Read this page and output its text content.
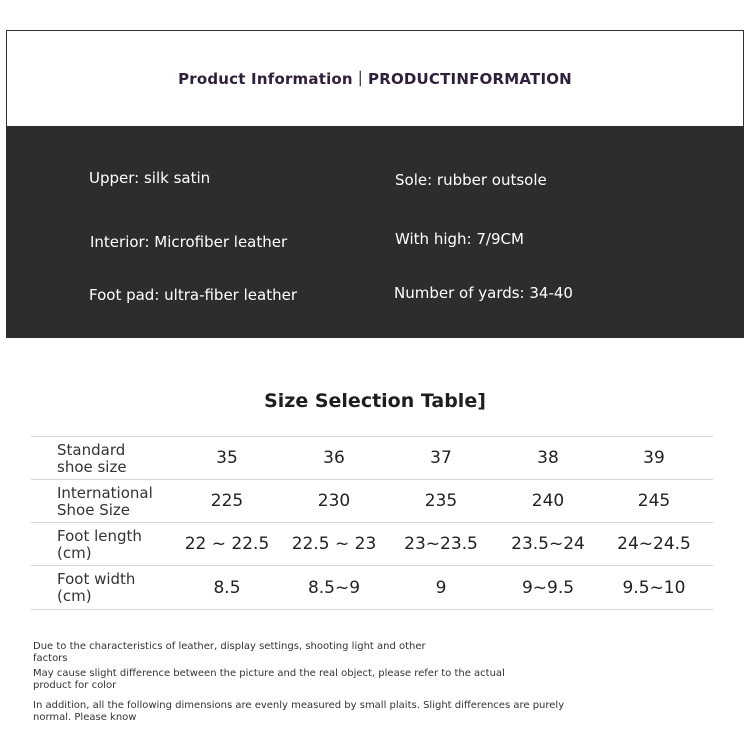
Product Information｜PRODUCTINFORMATION
Upper: silk satin	Sole: rubber outsole
Interior: Microfiber leather	With high: 7/9CM
Foot pad: ultra-fiber leather	Number of yards: 34-40
Size Selection Table]
Standard
shoe size	35	36	37	38	39
International
Shoe Size	225	230	235	240	245
Foot length
(cm)	22 ~ 22.5	22.5 ~ 23	23~23.5	23.5~24	24~24.5
Foot width
(cm)	8.5	8.5~9	9	9~9.5	9.5~10
Due to the characteristics of leather, display settings, shooting light and other
factors
May cause slight difference between the picture and the real object, please refer to the actual
product for color
In addition, all the following dimensions are evenly measured by small plaits. Slight differences are purely
normal. Please know
